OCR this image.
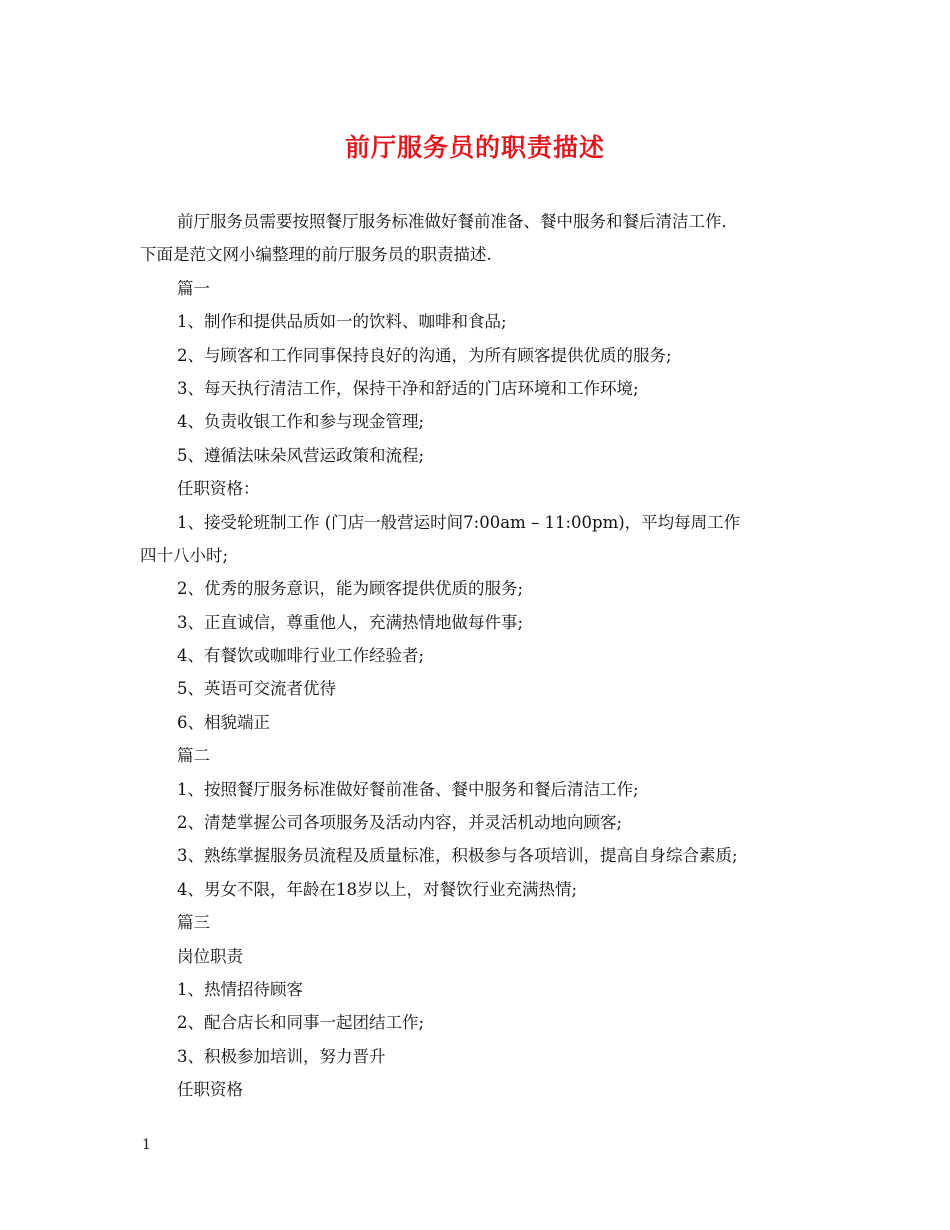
前厅服务员的职责描述
前厅服务员需要按照餐厅服务标准做好餐前准备、餐中服务和餐后清洁工作．
下面是范文网小编整理的前厅服务员的职责描述.
篇一
1、制作和提供品质如一的饮料、咖啡和食品;
2、与顾客和工作同事保持良好的沟通，为所有顾客提供优质的服务;
3、每天执行清洁工作，保持干净和舒适的门店环境和工作环境;
4、负责收银工作和参与现金管理;
5、遵循法味朵风营运政策和流程;
任职资格：
1、接受轮班制工作 (门店一般营运时间7:00am – 11:00pm)，平均每周工作
四十八小时;
2、优秀的服务意识，能为顾客提供优质的服务;
3、正直诚信，尊重他人，充满热情地做每件事;
4、有餐饮或咖啡行业工作经验者;
5、英语可交流者优待
6、相貌端正
篇二
1、按照餐厅服务标准做好餐前准备、餐中服务和餐后清洁工作;
2、清楚掌握公司各项服务及活动内容，并灵活机动地向顾客;
3、熟练掌握服务员流程及质量标准，积极参与各项培训，提高自身综合素质;
4、男女不限，年龄在18岁以上，对餐饮行业充满热情;
篇三
岗位职责
1、热情招待顾客
2、配合店长和同事一起团结工作;
3、积极参加培训，努力晋升
任职资格
1
